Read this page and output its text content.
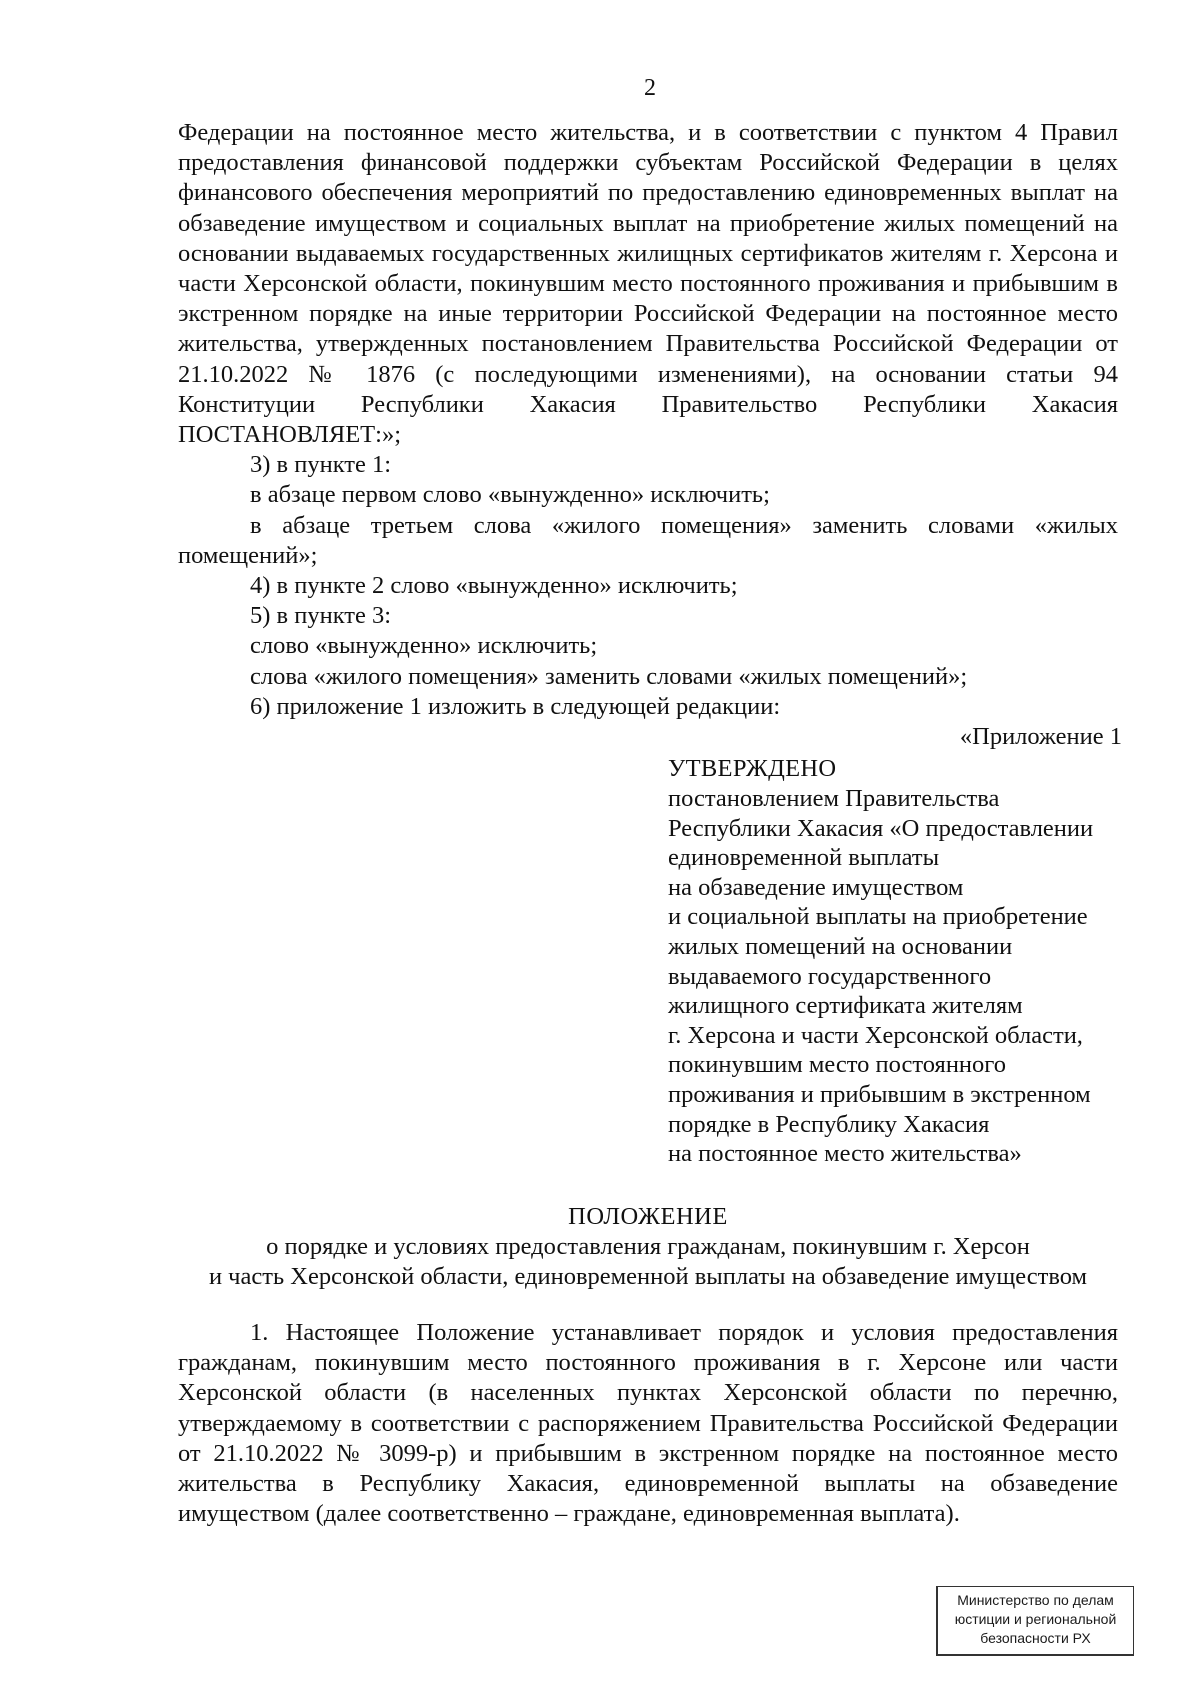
2

Федерации на постоянное место жительства, и в соответствии с пунктом 4 Правил предоставления финансовой поддержки субъектам Российской Федерации в целях финансового обеспечения мероприятий по предоставлению единовременных выплат на обзаведение имуществом и социальных выплат на приобретение жилых помещений на основании выдаваемых государственных жилищных сертификатов жителям г. Херсона и части Херсонской области, покинувшим место постоянного проживания и прибывшим в экстренном порядке на иные территории Российской Федерации на постоянное место жительства, утвержденных постановлением Правительства Российской Федерации от 21.10.2022 № 1876 (с последующими изменениями), на основании статьи 94 Конституции Республики Хакасия Правительство Республики Хакасия ПОСТАНОВЛЯЕТ:»;

3) в пункте 1:

в абзаце первом слово «вынужденно» исключить;

в абзаце третьем слова «жилого помещения» заменить словами «жилых помещений»;

4) в пункте 2 слово «вынужденно» исключить;

5) в пункте 3:

слово «вынужденно» исключить;

слова «жилого помещения» заменить словами «жилых помещений»;

6) приложение 1 изложить в следующей редакции:

«Приложение 1
УТВЕРЖДЕНО
постановлением Правительства
Республики Хакасия «О предоставлении
единовременной выплаты
на обзаведение имуществом
и социальной выплаты на приобретение
жилых помещений на основании
выдаваемого государственного
жилищного сертификата жителям
г. Херсона и части Херсонской области,
покинувшим место постоянного
проживания и прибывшим в экстренном
порядке в Республику Хакасия
на постоянное место жительства»
ПОЛОЖЕНИЕ
о порядке и условиях предоставления гражданам, покинувшим г. Херсон
и часть Херсонской области, единовременной выплаты на обзаведение имуществом

1. Настоящее Положение устанавливает порядок и условия предоставления гражданам, покинувшим место постоянного проживания в г. Херсоне или части Херсонской области (в населенных пунктах Херсонской области по перечню, утверждаемому в соответствии с распоряжением Правительства Российской Федерации от 21.10.2022 № 3099-р) и прибывшим в экстренном порядке на постоянное место жительства в Республику Хакасия, единовременной выплаты на обзаведение имуществом (далее соответственно – граждане, единовременная выплата).

Министерство по делам
юстиции и региональной
безопасности РХ
